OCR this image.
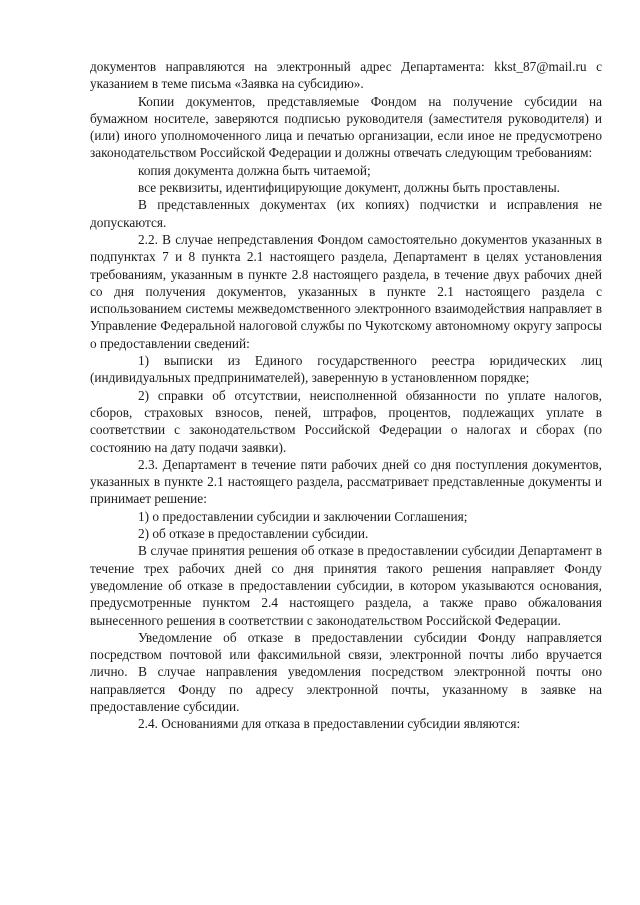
документов направляются на электронный адрес Департамента: kkst_87@mail.ru с указанием в теме письма «Заявка на субсидию».

Копии документов, представляемые Фондом на получение субсидии на бумажном носителе, заверяются подписью руководителя (заместителя руководителя) и (или) иного уполномоченного лица и печатью организации, если иное не предусмотрено законодательством Российской Федерации и должны отвечать следующим требованиям:

копия документа должна быть читаемой;

все реквизиты, идентифицирующие документ, должны быть проставлены.

В представленных документах (их копиях) подчистки и исправления не допускаются.

2.2. В случае непредставления Фондом самостоятельно документов указанных в подпунктах 7 и 8 пункта 2.1 настоящего раздела, Департамент в целях установления требованиям, указанным в пункте 2.8 настоящего раздела, в течение двух рабочих дней со дня получения документов, указанных в пункте 2.1 настоящего раздела с использованием системы межведомственного электронного взаимодействия направляет в Управление Федеральной налоговой службы по Чукотскому автономному округу запросы о предоставлении сведений:

1) выписки из Единого государственного реестра юридических лиц (индивидуальных предпринимателей), заверенную в установленном порядке;

2) справки об отсутствии, неисполненной обязанности по уплате налогов, сборов, страховых взносов, пеней, штрафов, процентов, подлежащих уплате в соответствии с законодательством Российской Федерации о налогах и сборах (по состоянию на дату подачи заявки).

2.3. Департамент в течение пяти рабочих дней со дня поступления документов, указанных в пункте 2.1 настоящего раздела, рассматривает представленные документы и принимает решение:

1) о предоставлении субсидии и заключении Соглашения;

2) об отказе в предоставлении субсидии.

В случае принятия решения об отказе в предоставлении субсидии Департамент в течение трех рабочих дней со дня принятия такого решения направляет Фонду уведомление об отказе в предоставлении субсидии, в котором указываются основания, предусмотренные пунктом 2.4 настоящего раздела, а также право обжалования вынесенного решения в соответствии с законодательством Российской Федерации.

Уведомление об отказе в предоставлении субсидии Фонду направляется посредством почтовой или факсимильной связи, электронной почты либо вручается лично. В случае направления уведомления посредством электронной почты оно направляется Фонду по адресу электронной почты, указанному в заявке на предоставление субсидии.

2.4. Основаниями для отказа в предоставлении субсидии являются:
